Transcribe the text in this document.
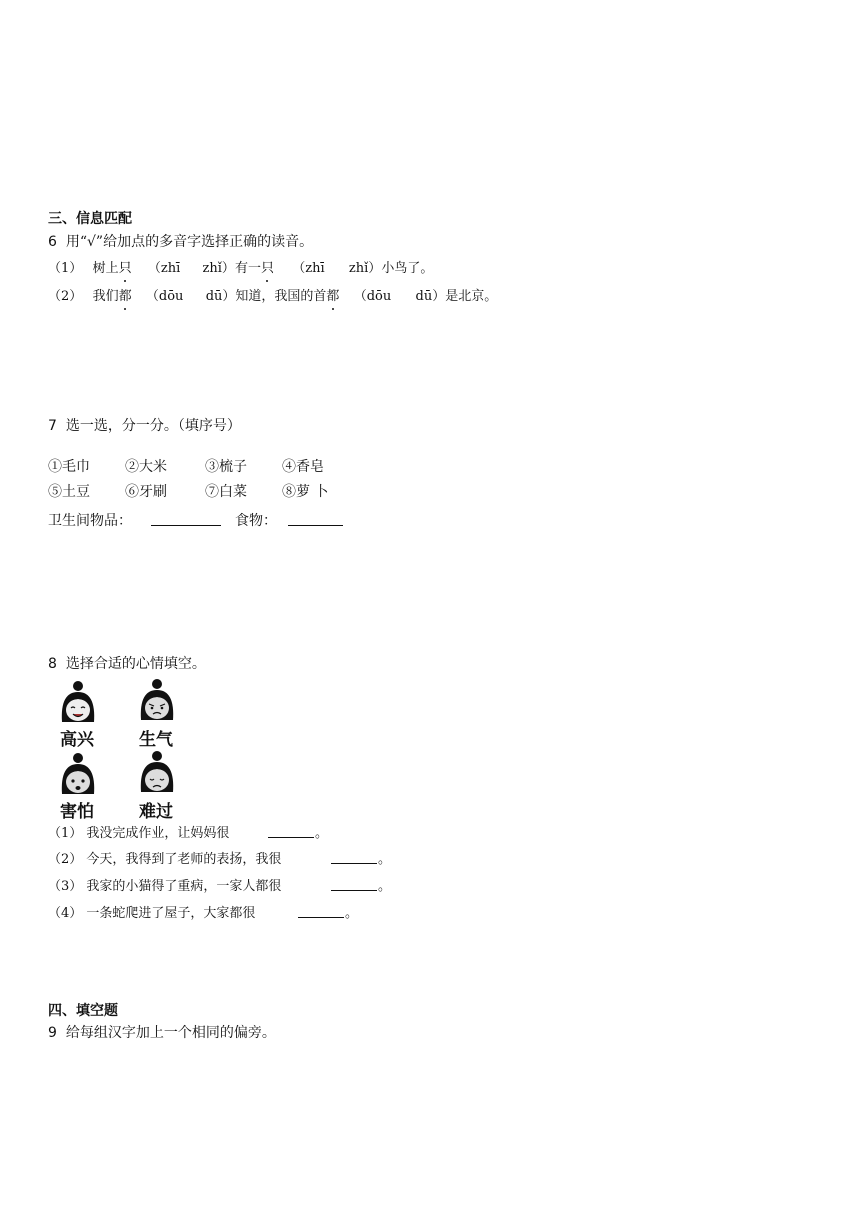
三、信息匹配
6 用“√”给加点的多音字选择正确的读音。
（1） 树上只 （zhī zhǐ）有一只 （zhī zhǐ）小鸟了。
（2） 我们都 （dōu dū）知道，我国的首都 （dōu dū）是北京。
7 选一选，分一分。（填序号）
①毛巾	②大米	③梳子	④香皂
⑤土豆	⑥牙刷	⑦白菜	⑧萝 卜
卫生间物品：	食物：
8 选择合适的心情填空。
高兴	生气
害怕	难过
（1） 我没完成作业，让妈妈很	。
（2） 今天，我得到了老师的表扬，我很	。
（3） 我家的小猫得了重病，一家人都很	。
（4） 一条蛇爬进了屋子，大家都很	。
四、填空题
9 给每组汉字加上一个相同的偏旁。
